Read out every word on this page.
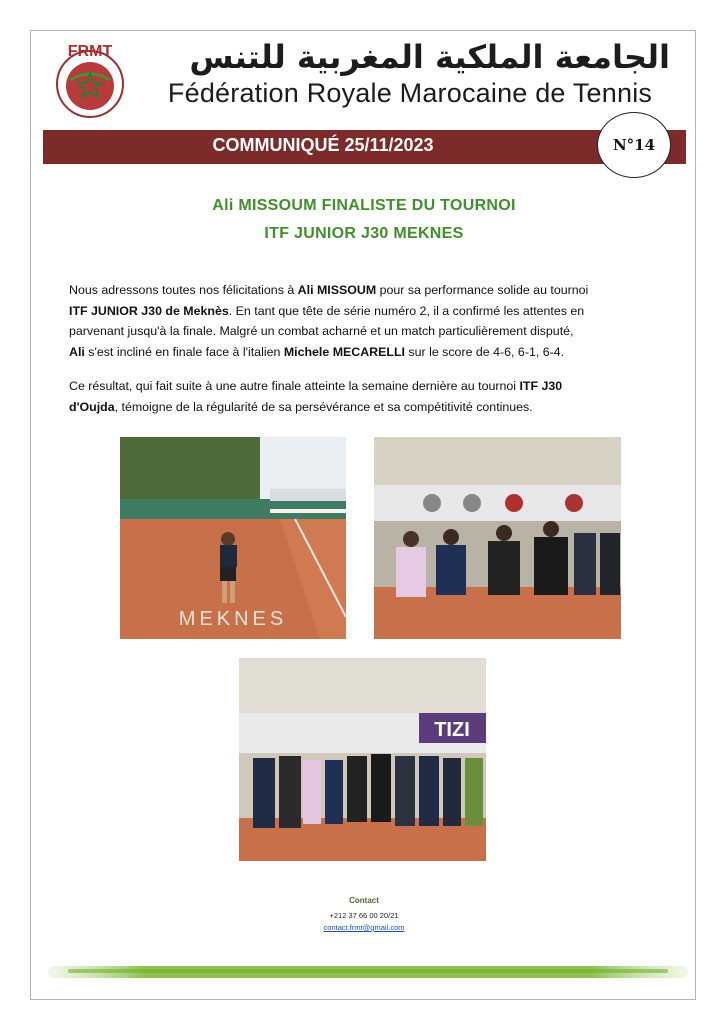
FRMT	الجامعة الملكية المغربية للتنس
Fédération Royale Marocaine de Tennis
COMMUNIQUÉ 25/11/2023	N°14
Ali MISSOUM FINALISTE DU TOURNOI
ITF JUNIOR J30 MEKNES
Nous adressons toutes nos félicitations à Ali MISSOUM pour sa performance solide au tournoi
ITF JUNIOR J30 de Meknès. En tant que tête de série numéro 2, il a confirmé les attentes en
parvenant jusqu'à la finale. Malgré un combat acharné et un match particulièrement disputé,
Ali s'est incliné en finale face à l'italien Michele MECARELLI sur le score de 4-6, 6-1, 6-4.
Ce résultat, qui fait suite à une autre finale atteinte la semaine dernière au tournoi ITF J30
d'Oujda, témoigne de la régularité de sa persévérance et sa compétitivité continues.
MEKNES
TIZI
Contact
+212 37 66 00 20/21
contact.frmt@gmail.com
